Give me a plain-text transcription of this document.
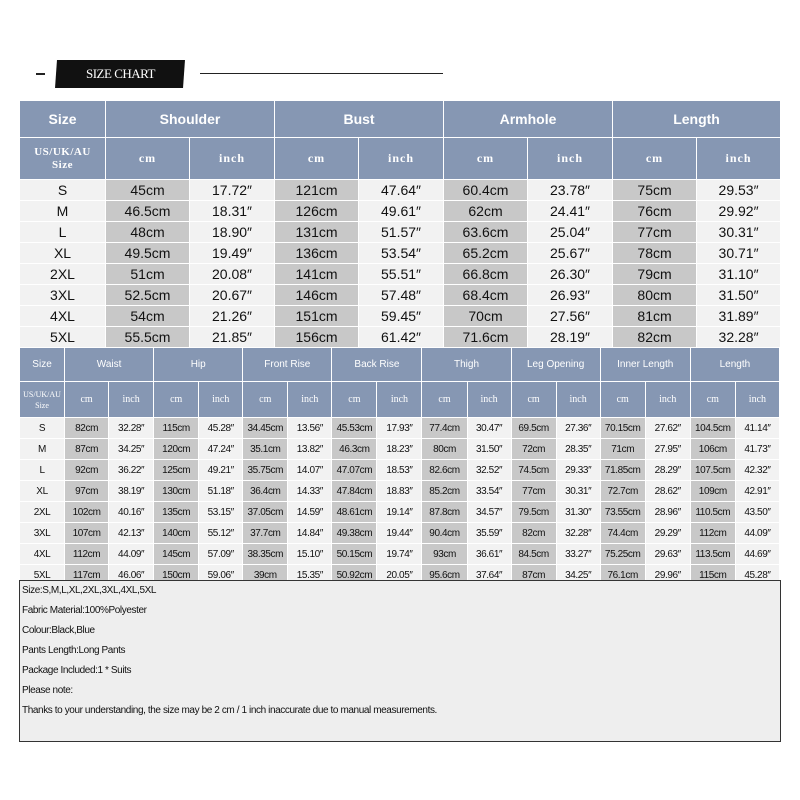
SIZE CHART
Size	Shoulder		Bust		Armhole		Length	

US/UK/AU
Size	cm	inch	cm	inch	cm	inch	cm	inch
S	45cm	17.72″	121cm	47.64″	60.4cm	23.78″	75cm	29.53″
M	46.5cm	18.31″	126cm	49.61″	62cm	24.41″	76cm	29.92″
L	48cm	18.90″	131cm	51.57″	63.6cm	25.04″	77cm	30.31″
XL	49.5cm	19.49″	136cm	53.54″	65.2cm	25.67″	78cm	30.71″
2XL	51cm	20.08″	141cm	55.51″	66.8cm	26.30″	79cm	31.10″
3XL	52.5cm	20.67″	146cm	57.48″	68.4cm	26.93″	80cm	31.50″
4XL	54cm	21.26″	151cm	59.45″	70cm	27.56″	81cm	31.89″
5XL	55.5cm	21.85″	156cm	61.42″	71.6cm	28.19″	82cm	32.28″
Size	Waist		Hip		Front Rise		Back Rise		Thigh		Leg Opening		Inner Length		Length	

US/UK/AU
Size	cm	inch	cm	inch	cm	inch	cm	inch	cm	inch	cm	inch	cm	inch	cm	inch
S	82cm	32.28″	115cm	45.28″	34.45cm	13.56″	45.53cm	17.93″	77.4cm	30.47″	69.5cm	27.36″	70.15cm	27.62″	104.5cm	41.14″
M	87cm	34.25″	120cm	47.24″	35.1cm	13.82″	46.3cm	18.23″	80cm	31.50″	72cm	28.35″	71cm	27.95″	106cm	41.73″
L	92cm	36.22″	125cm	49.21″	35.75cm	14.07″	47.07cm	18.53″	82.6cm	32.52″	74.5cm	29.33″	71.85cm	28.29″	107.5cm	42.32″
XL	97cm	38.19″	130cm	51.18″	36.4cm	14.33″	47.84cm	18.83″	85.2cm	33.54″	77cm	30.31″	72.7cm	28.62″	109cm	42.91″
2XL	102cm	40.16″	135cm	53.15″	37.05cm	14.59″	48.61cm	19.14″	87.8cm	34.57″	79.5cm	31.30″	73.55cm	28.96″	110.5cm	43.50″
3XL	107cm	42.13″	140cm	55.12″	37.7cm	14.84″	49.38cm	19.44″	90.4cm	35.59″	82cm	32.28″	74.4cm	29.29″	112cm	44.09″
4XL	112cm	44.09″	145cm	57.09″	38.35cm	15.10″	50.15cm	19.74″	93cm	36.61″	84.5cm	33.27″	75.25cm	29.63″	113.5cm	44.69″
5XL	117cm	46.06″	150cm	59.06″	39cm	15.35″	50.92cm	20.05″	95.6cm	37.64″	87cm	34.25″	76.1cm	29.96″	115cm	45.28″
Size:S,M,L,XL,2XL,3XL,4XL,5XL
Fabric Material:100%Polyester
Colour:Black,Blue
Pants Length:Long Pants
Package Included:1 * Suits
Please note:
Thanks to your understanding, the size may be 2 cm / 1 inch inaccurate due to manual measurements.
